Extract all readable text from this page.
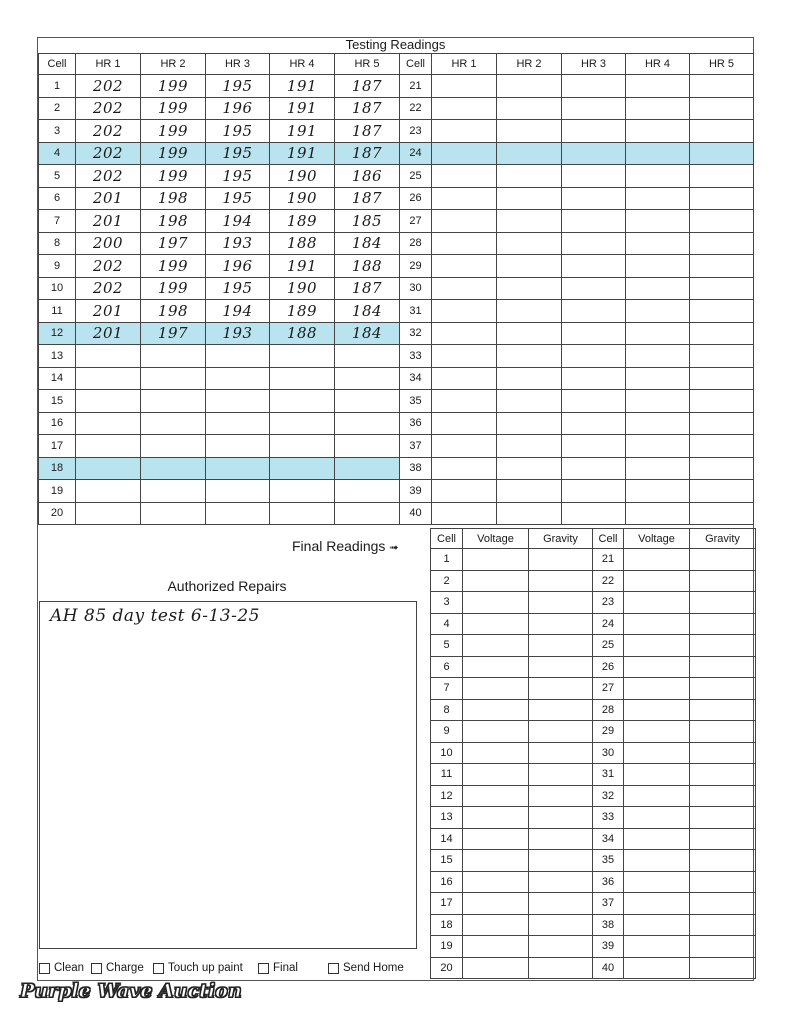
Testing Readings
Cell	HR 1	HR 2	HR 3	HR 4	HR 5	Cell	HR 1	HR 2	HR 3	HR 4	HR 5
1	202	199	195	191	187	21					
2	202	199	196	191	187	22					
3	202	199	195	191	187	23					
4	202	199	195	191	187	24					
5	202	199	195	190	186	25					
6	201	198	195	190	187	26					
7	201	198	194	189	185	27					
8	200	197	193	188	184	28					
9	202	199	196	191	188	29					
10	202	199	195	190	187	30					
11	201	198	194	189	184	31					
12	201	197	193	188	184	32					
13						33					
14						34					
15						35					
16						36					
17						37					
18						38					
19						39					
20						40					
Final Readings ➟
Cell	Voltage	Gravity	Cell	Voltage	Gravity
1			21		
2			22		
3			23		
4			24		
5			25		
6			26		
7			27		
8			28		
9			29		
10			30		
11			31		
12			32		
13			33		
14			34		
15			35		
16			36		
17			37		
18			38		
19			39		
20			40		
Authorized Repairs
AH 85 day test 6-13-25
Clean Charge Touch up paint	Final	Send Home
Purple Wave Auction
